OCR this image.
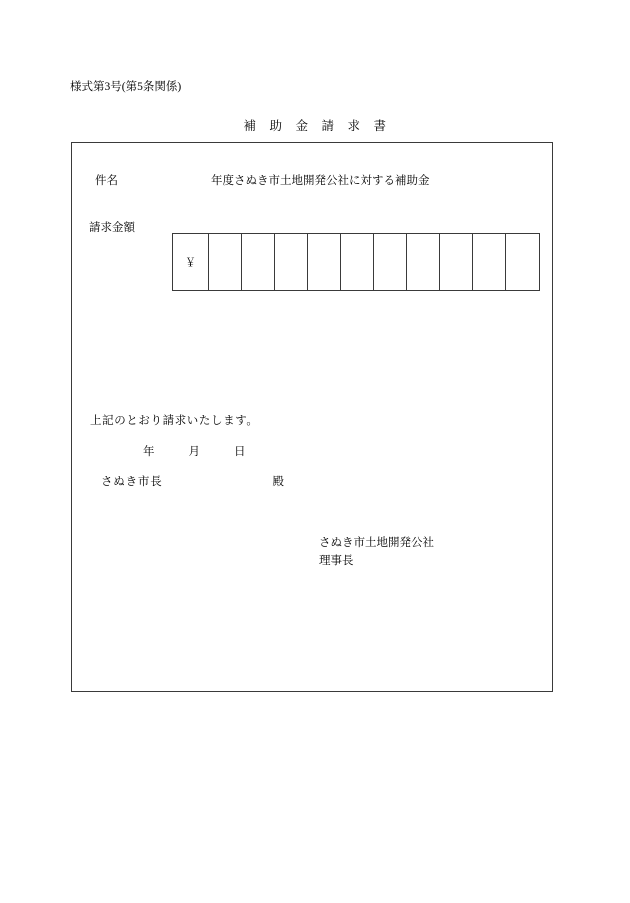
様式第3号(第5条関係)
補　助　金　請　求　書
件名	年度さぬき市土地開発公社に対する補助金
請求金額
￥
上記のとおり請求いたします。
年	月	日
さぬき市長	殿
さぬき市土地開発公社
理事長
